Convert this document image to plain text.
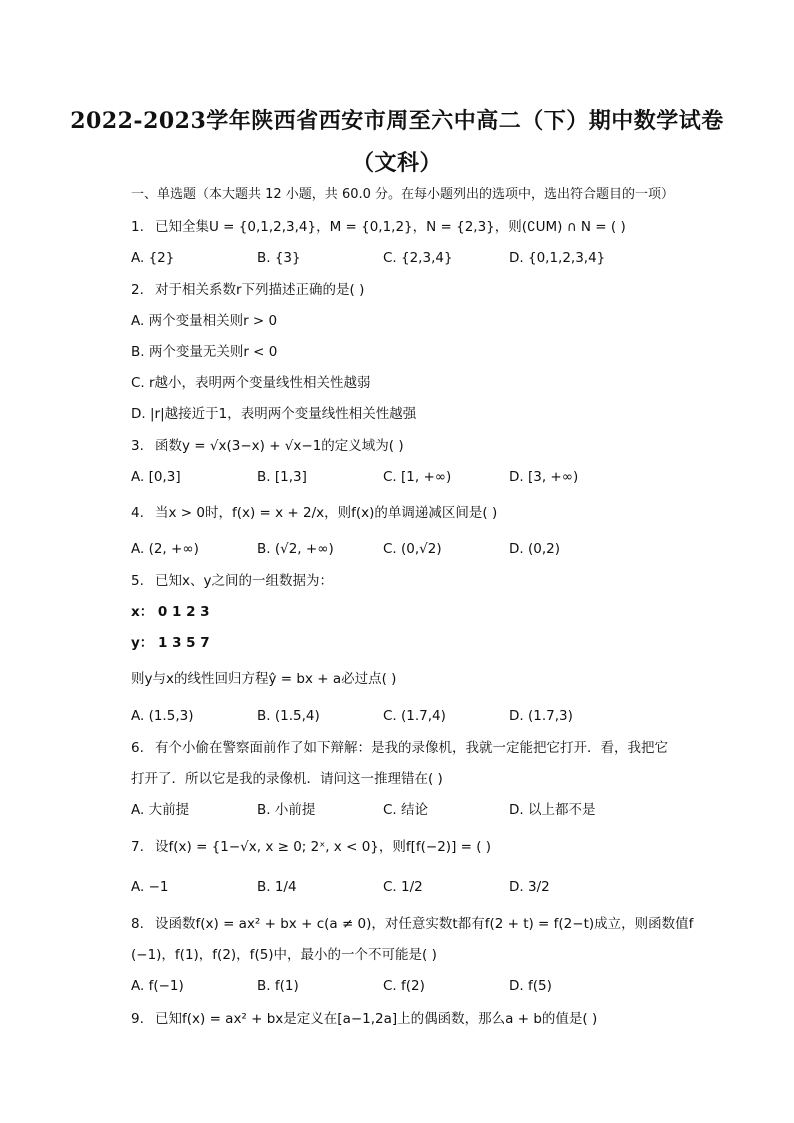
2022-2023学年陕西省西安市周至六中高二（下）期中数学试卷
（文科）
一、单选题（本大题共 12 小题，共 60.0 分。在每小题列出的选项中，选出符合题目的一项）
1. 已知全集U = {0,1,2,3,4}，M = {0,1,2}，N = {2,3}，则(∁UM) ∩ N = ( )
A. {2}	B. {3}	C. {2,3,4}	D. {0,1,2,3,4}
2. 对于相关系数r下列描述正确的是( )
A. 两个变量相关则r > 0
B. 两个变量无关则r < 0
C. r越小，表明两个变量线性相关性越弱
D. |r|越接近于1，表明两个变量线性相关性越强
3. 函数y = √x(3−x) + √x−1的定义域为( )
A. [0,3]	B. [1,3]	C. [1, +∞)	D. [3, +∞)
4. 当x > 0时，f(x) = x + 2/x，则f(x)的单调递减区间是( )
A. (2, +∞)	B. (√2, +∞)	C. (0,√2)	D. (0,2)
5. 已知x、y之间的一组数据为：
x： 0 1 2 3
y： 1 3 5 7
则y与x的线性回归方程ŷ = bx + a必过点( )
A. (1.5,3)	B. (1.5,4)	C. (1.7,4)	D. (1.7,3)
6. 有个小偷在警察面前作了如下辩解：是我的录像机，我就一定能把它打开．看，我把它
打开了．所以它是我的录像机．请问这一推理错在( )
A. 大前提	B. 小前提	C. 结论	D. 以上都不是
7. 设f(x) = {1−√x, x ≥ 0; 2ˣ, x < 0}，则f[f(−2)] = ( )
A. −1	B. 1/4	C. 1/2	D. 3/2
8. 设函数f(x) = ax² + bx + c(a ≠ 0)，对任意实数t都有f(2 + t) = f(2−t)成立，则函数值f
(−1)，f(1)，f(2)，f(5)中，最小的一个不可能是( )
A. f(−1)	B. f(1)	C. f(2)	D. f(5)
9. 已知f(x) = ax² + bx是定义在[a−1,2a]上的偶函数，那么a + b的值是( )
